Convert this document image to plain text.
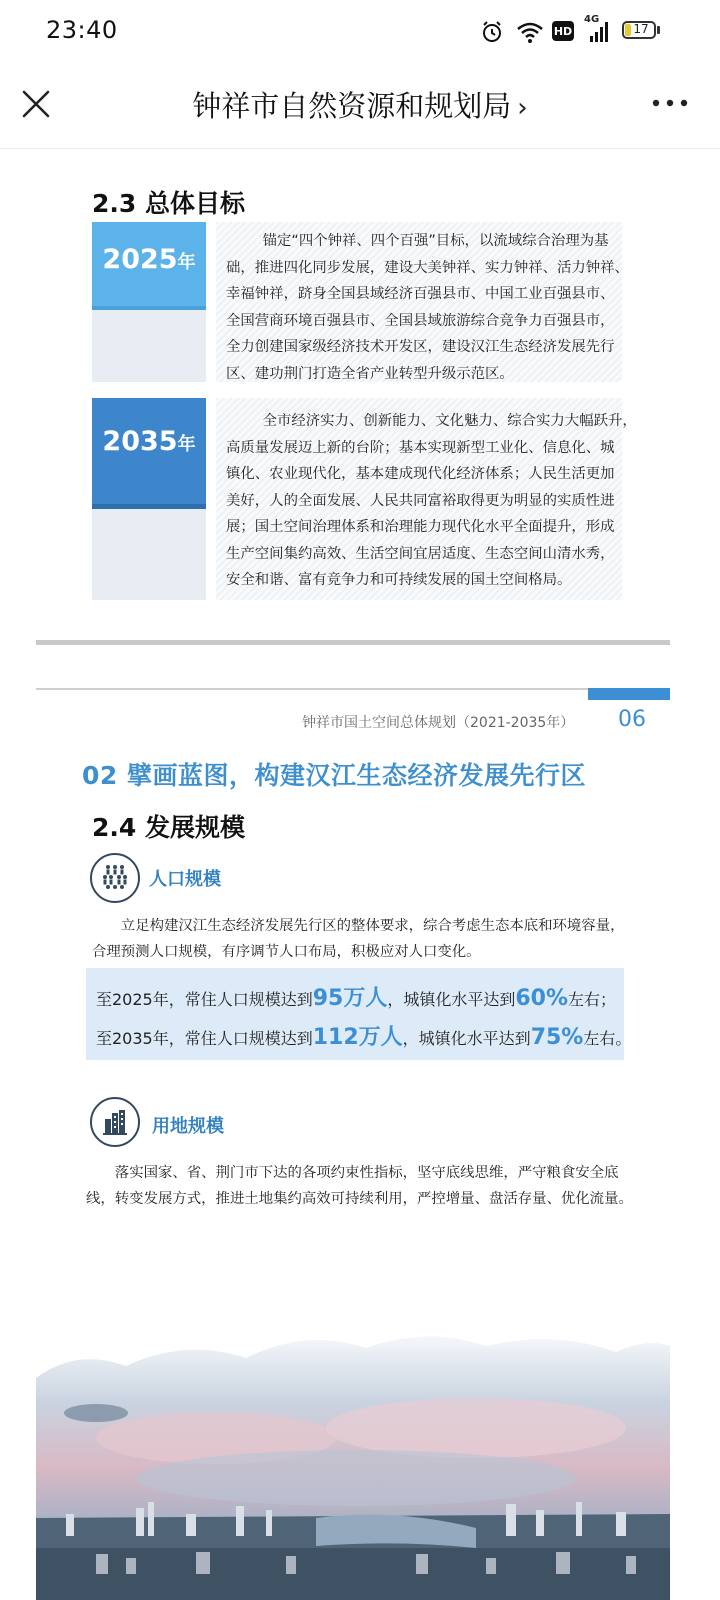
23:40	HD
4G
17
钟祥市自然资源和规划局 ›
2.3 总体目标
2025年
锚定“四个钟祥、四个百强”目标，以流域综合治理为基
础，推进四化同步发展，建设大美钟祥、实力钟祥、活力钟祥、
幸福钟祥，跻身全国县域经济百强县市、中国工业百强县市、
全国营商环境百强县市、全国县域旅游综合竞争力百强县市，
全力创建国家级经济技术开发区，建设汉江生态经济发展先行
区、建功荆门打造全省产业转型升级示范区。
2035年
全市经济实力、创新能力、文化魅力、综合实力大幅跃升，
高质量发展迈上新的台阶；基本实现新型工业化、信息化、城
镇化、农业现代化，基本建成现代化经济体系；人民生活更加
美好，人的全面发展、人民共同富裕取得更为明显的实质性进
展；国土空间治理体系和治理能力现代化水平全面提升，形成
生产空间集约高效、生活空间宜居适度、生态空间山清水秀，
安全和谐、富有竞争力和可持续发展的国土空间格局。
钟祥市国土空间总体规划（2021-2035年） 06
02 擘画蓝图，构建汉江生态经济发展先行区
2.4 发展规模
人口规模
立足构建汉江生态经济发展先行区的整体要求，综合考虑生态本底和环境容量，
合理预测人口规模，有序调节人口布局，积极应对人口变化。
至2025年，常住人口规模达到95万人，城镇化水平达到60%左右；
至2035年，常住人口规模达到112万人，城镇化水平达到75%左右。
用地规模
落实国家、省、荆门市下达的各项约束性指标，坚守底线思维，严守粮食安全底
线，转变发展方式，推进土地集约高效可持续利用，严控增量、盘活存量、优化流量。
